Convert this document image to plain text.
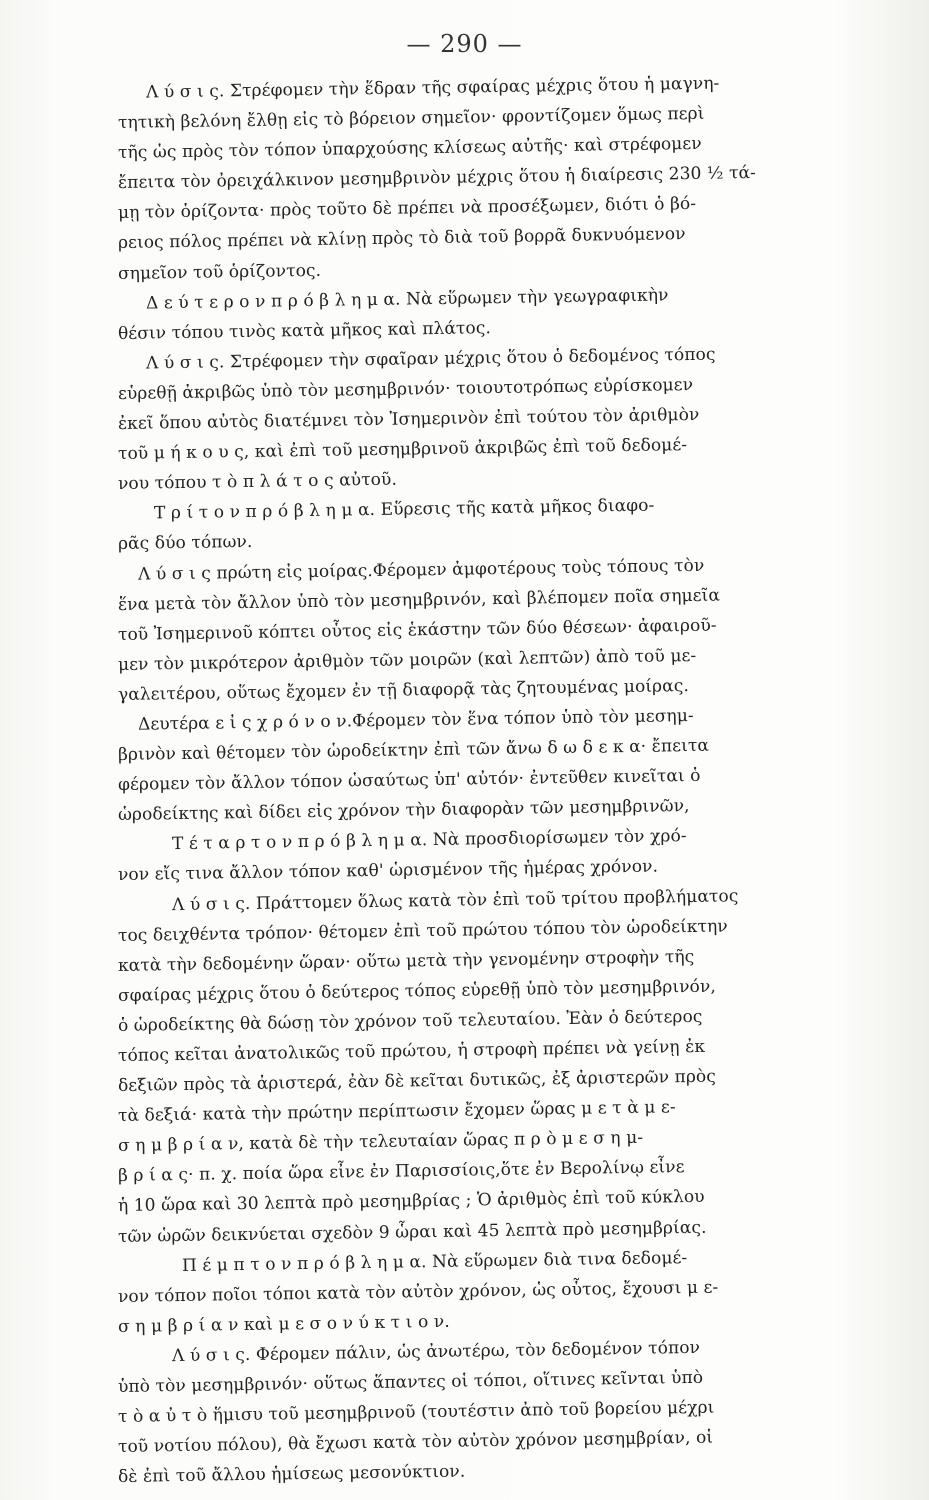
— 290 —
Λ ύ σ ι ς. Στρέφομεν τὴν ἕδραν τῆς σφαίρας μέχρις ὅτου ἡ μαγνη-
τητικὴ βελόνη ἔλθῃ εἰς τὸ βόρειον σημεῖον· φροντίζομεν ὅμως περὶ
τῆς ὡς πρὸς τὸν τόπον ὑπαρχούσης κλίσεως αὐτῆς· καὶ στρέφομεν
ἔπειτα τὸν ὀρειχάλκινον μεσημβρινὸν μέχρις ὅτου ἡ διαίρεσις 230 ½ τά-
μῃ τὸν ὁρίζοντα· πρὸς τοῦτο δὲ πρέπει νὰ προσέξωμεν, διότι ὁ βό-
ρειος πόλος πρέπει νὰ κλίνῃ πρὸς τὸ διὰ τοῦ βορρᾶ δυκνυόμενον
σημεῖον τοῦ ὁρίζοντος.
Δ ε ύ τ ε ρ ο ν π ρ ό β λ η μ α. Νὰ εὕρωμεν τὴν γεωγραφικὴν
θέσιν τόπου τινὸς κατὰ μῆκος καὶ πλάτος.
Λ ύ σ ι ς. Στρέφομεν τὴν σφαῖραν μέχρις ὅτου ὁ δεδομένος τόπος
εὑρεθῇ ἀκριβῶς ὑπὸ τὸν μεσημβρινόν· τοιουτοτρόπως εὑρίσκομεν
ἐκεῖ ὅπου αὐτὸς διατέμνει τὸν Ἰσημερινὸν ἐπὶ τούτου τὸν ἀριθμὸν
τοῦ μ ή κ ο υ ς, καὶ ἐπὶ τοῦ μεσημβρινοῦ ἀκριβῶς ἐπὶ τοῦ δεδομέ-
νου τόπου τ ὸ π λ ά τ ο ς αὐτοῦ.
Τ ρ ί τ ο ν π ρ ό β λ η μ α. Εὕρεσις τῆς κατὰ μῆκος διαφο-
ρᾶς δύο τόπων.
Λ ύ σ ι ς πρώτη εἰς μοίρας.Φέρομεν ἀμφοτέρους τοὺς τόπους τὸν
ἕνα μετὰ τὸν ἄλλον ὑπὸ τὸν μεσημβρινόν, καὶ βλέπομεν ποῖα σημεῖα
τοῦ Ἰσημερινοῦ κόπτει οὗτος εἰς ἑκάστην τῶν δύο θέσεων· ἀφαιροῦ-
μεν τὸν μικρότερον ἀριθμὸν τῶν μοιρῶν (καὶ λεπτῶν) ἀπὸ τοῦ με-
γαλειτέρου, οὕτως ἔχομεν ἐν τῇ διαφορᾷ τὰς ζητουμένας μοίρας.
Δευτέρα ε ἰ ς χ ρ ό ν ο ν.Φέρομεν τὸν ἕνα τόπον ὑπὸ τὸν μεσημ-
βρινὸν καὶ θέτομεν τὸν ὡροδείκτην ἐπὶ τῶν ἄνω δ ω δ ε κ α· ἔπειτα
φέρομεν τὸν ἄλλον τόπον ὡσαύτως ὑπ' αὐτόν· ἐντεῦθεν κινεῖται ὁ
ὡροδείκτης καὶ δίδει εἰς χρόνον τὴν διαφορὰν τῶν μεσημβρινῶν,
Τ έ τ α ρ τ ο ν π ρ ό β λ η μ α. Νὰ προσδιορίσωμεν τὸν χρό-
νον εἴς τινα ἄλλον τόπον καθ' ὡρισμένον τῆς ἡμέρας χρόνον.
Λ ύ σ ι ς. Πράττομεν ὅλως κατὰ τὸν ἐπὶ τοῦ τρίτου προβλήματος
τος δειχθέντα τρόπον· θέτομεν ἐπὶ τοῦ πρώτου τόπου τὸν ὡροδείκτην
κατὰ τὴν δεδομένην ὥραν· οὕτω μετὰ τὴν γενομένην στροφὴν τῆς
σφαίρας μέχρις ὅτου ὁ δεύτερος τόπος εὑρεθῇ ὑπὸ τὸν μεσημβρινόν,
ὁ ὡροδείκτης θὰ δώσῃ τὸν χρόνον τοῦ τελευταίου. Ἐὰν ὁ δεύτερος
τόπος κεῖται ἀνατολικῶς τοῦ πρώτου, ἡ στροφὴ πρέπει νὰ γείνῃ ἐκ
δεξιῶν πρὸς τὰ ἀριστερά, ἐὰν δὲ κεῖται δυτικῶς, ἐξ ἀριστερῶν πρὸς
τὰ δεξιά· κατὰ τὴν πρώτην περίπτωσιν ἔχομεν ὥρας μ ε τ ὰ μ ε-
σ η μ β ρ ί α ν, κατὰ δὲ τὴν τελευταίαν ὥρας π ρ ὸ μ ε σ η μ-
β ρ ί α ς· π. χ. ποία ὥρα εἶνε ἐν Παρισσίοις,ὅτε ἐν Βερολίνῳ εἶνε
ἡ 10 ὥρα καὶ 30 λεπτὰ πρὸ μεσημβρίας ; Ὁ ἀριθμὸς ἐπὶ τοῦ κύκλου
τῶν ὡρῶν δεικνύεται σχεδὸν 9 ὧραι καὶ 45 λεπτὰ πρὸ μεσημβρίας.
Π έ μ π τ ο ν π ρ ό β λ η μ α. Νὰ εὕρωμεν διὰ τινα δεδομέ-
νον τόπον ποῖοι τόποι κατὰ τὸν αὐτὸν χρόνον, ὡς οὗτος, ἔχουσι μ ε-
σ η μ β ρ ί α ν καὶ μ ε σ ο ν ύ κ τ ι ο ν.
Λ ύ σ ι ς. Φέρομεν πάλιν, ὡς ἀνωτέρω, τὸν δεδομένον τόπον
ὑπὸ τὸν μεσημβρινόν· οὕτως ἅπαντες οἱ τόποι, οἵτινες κεῖνται ὑπὸ
τ ὸ α ὐ τ ὸ ἥμισυ τοῦ μεσημβρινοῦ (τουτέστιν ἀπὸ τοῦ βορείου μέχρι
τοῦ νοτίου πόλου), θὰ ἔχωσι κατὰ τὸν αὐτὸν χρόνον μεσημβρίαν, οἱ
δὲ ἐπὶ τοῦ ἄλλου ἡμίσεως μεσονύκτιον.
